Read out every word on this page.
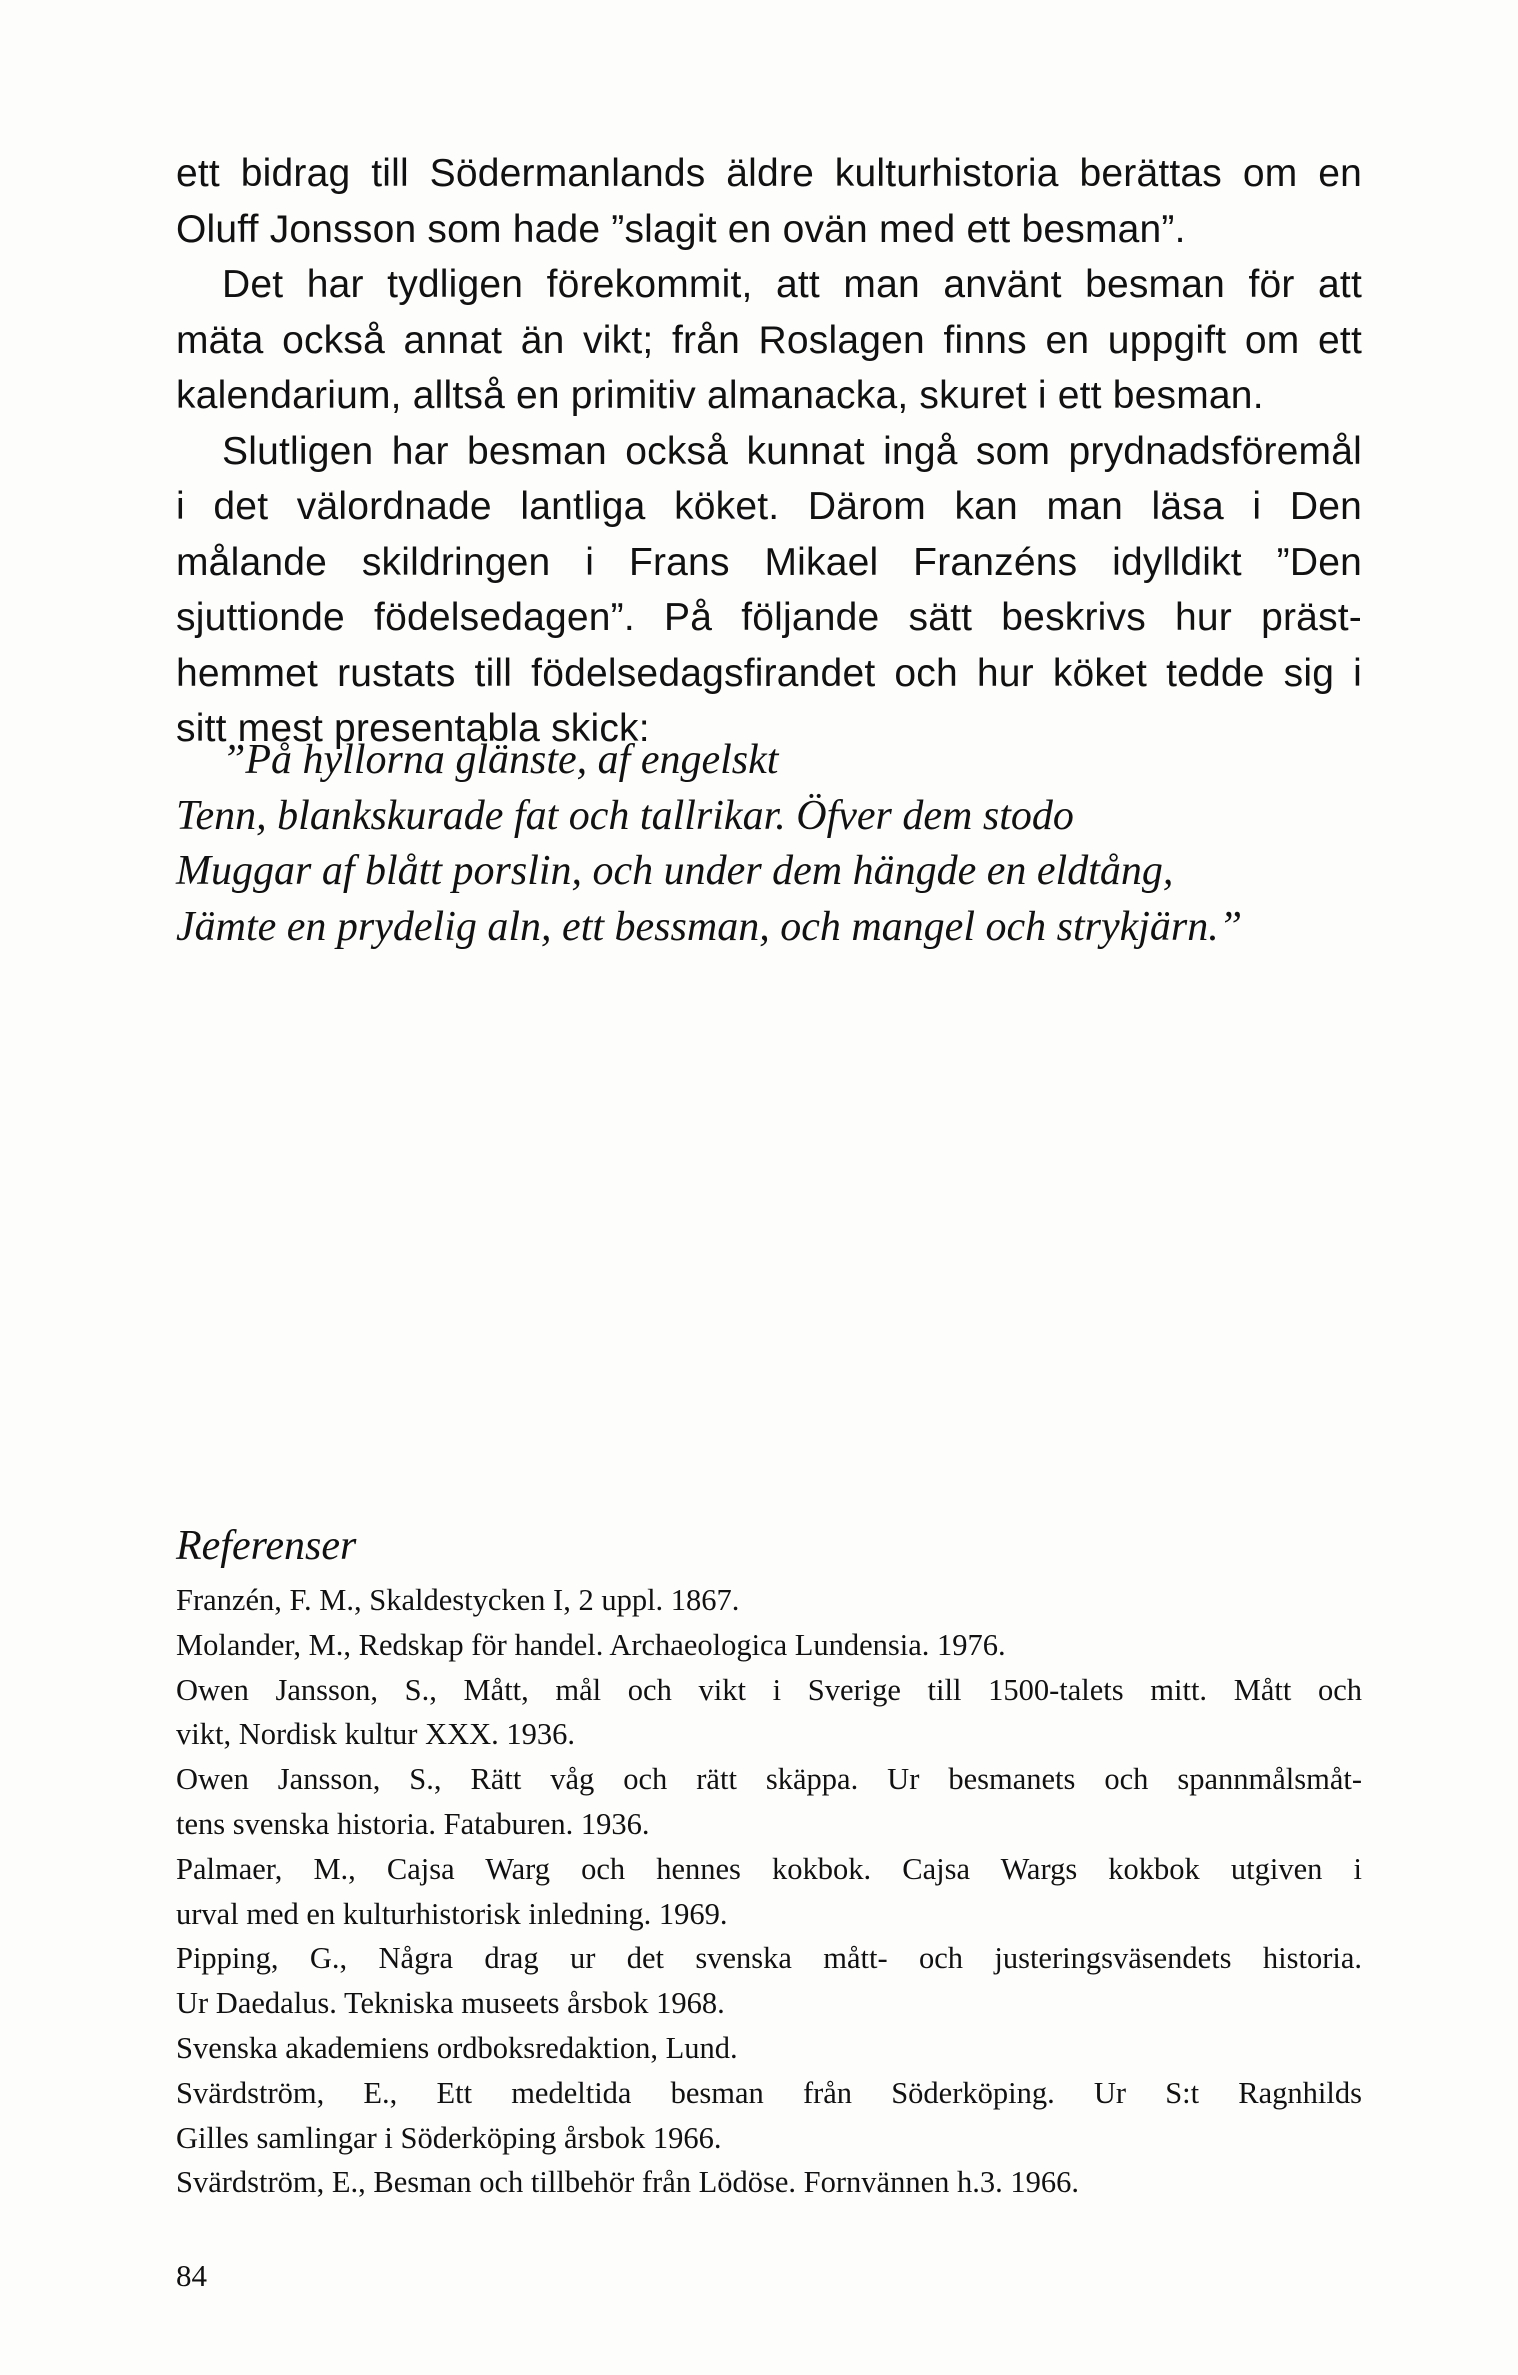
ett bidrag till Södermanlands äldre kulturhistoria berättas om en
Oluff Jonsson som hade ”slagit en ovän med ett besman”.
Det har tydligen förekommit, att man använt besman för att
mäta också annat än vikt; från Roslagen finns en uppgift om ett
kalendarium, alltså en primitiv almanacka, skuret i ett besman.
Slutligen har besman också kunnat ingå som prydnadsföremål
i det välordnade lantliga köket. Därom kan man läsa i Den
målande skildringen i Frans Mikael Franzéns idylldikt ”Den
sjuttionde födelsedagen”. På följande sätt beskrivs hur präst-
hemmet rustats till födelsedagsfirandet och hur köket tedde sig i
sitt mest presentabla skick:
”På hyllorna glänste, af engelskt
Tenn, blankskurade fat och tallrikar. Öfver dem stodo
Muggar af blått porslin, och under dem hängde en eldtång,
Jämte en prydelig aln, ett bessman, och mangel och strykjärn.”
Referenser
Franzén, F. M., Skaldestycken I, 2 uppl. 1867.
Molander, M., Redskap för handel. Archaeologica Lundensia. 1976.
Owen Jansson, S., Mått, mål och vikt i Sverige till 1500-talets mitt. Mått och
vikt, Nordisk kultur XXX. 1936.
Owen Jansson, S., Rätt våg och rätt skäppa. Ur besmanets och spannmålsmåt-
tens svenska historia. Fataburen. 1936.
Palmaer, M., Cajsa Warg och hennes kokbok. Cajsa Wargs kokbok utgiven i
urval med en kulturhistorisk inledning. 1969.
Pipping, G., Några drag ur det svenska mått- och justeringsväsendets historia.
Ur Daedalus. Tekniska museets årsbok 1968.
Svenska akademiens ordboksredaktion, Lund.
Svärdström, E., Ett medeltida besman från Söderköping. Ur S:t Ragnhilds
Gilles samlingar i Söderköping årsbok 1966.
Svärdström, E., Besman och tillbehör från Lödöse. Fornvännen h.3. 1966.
84
